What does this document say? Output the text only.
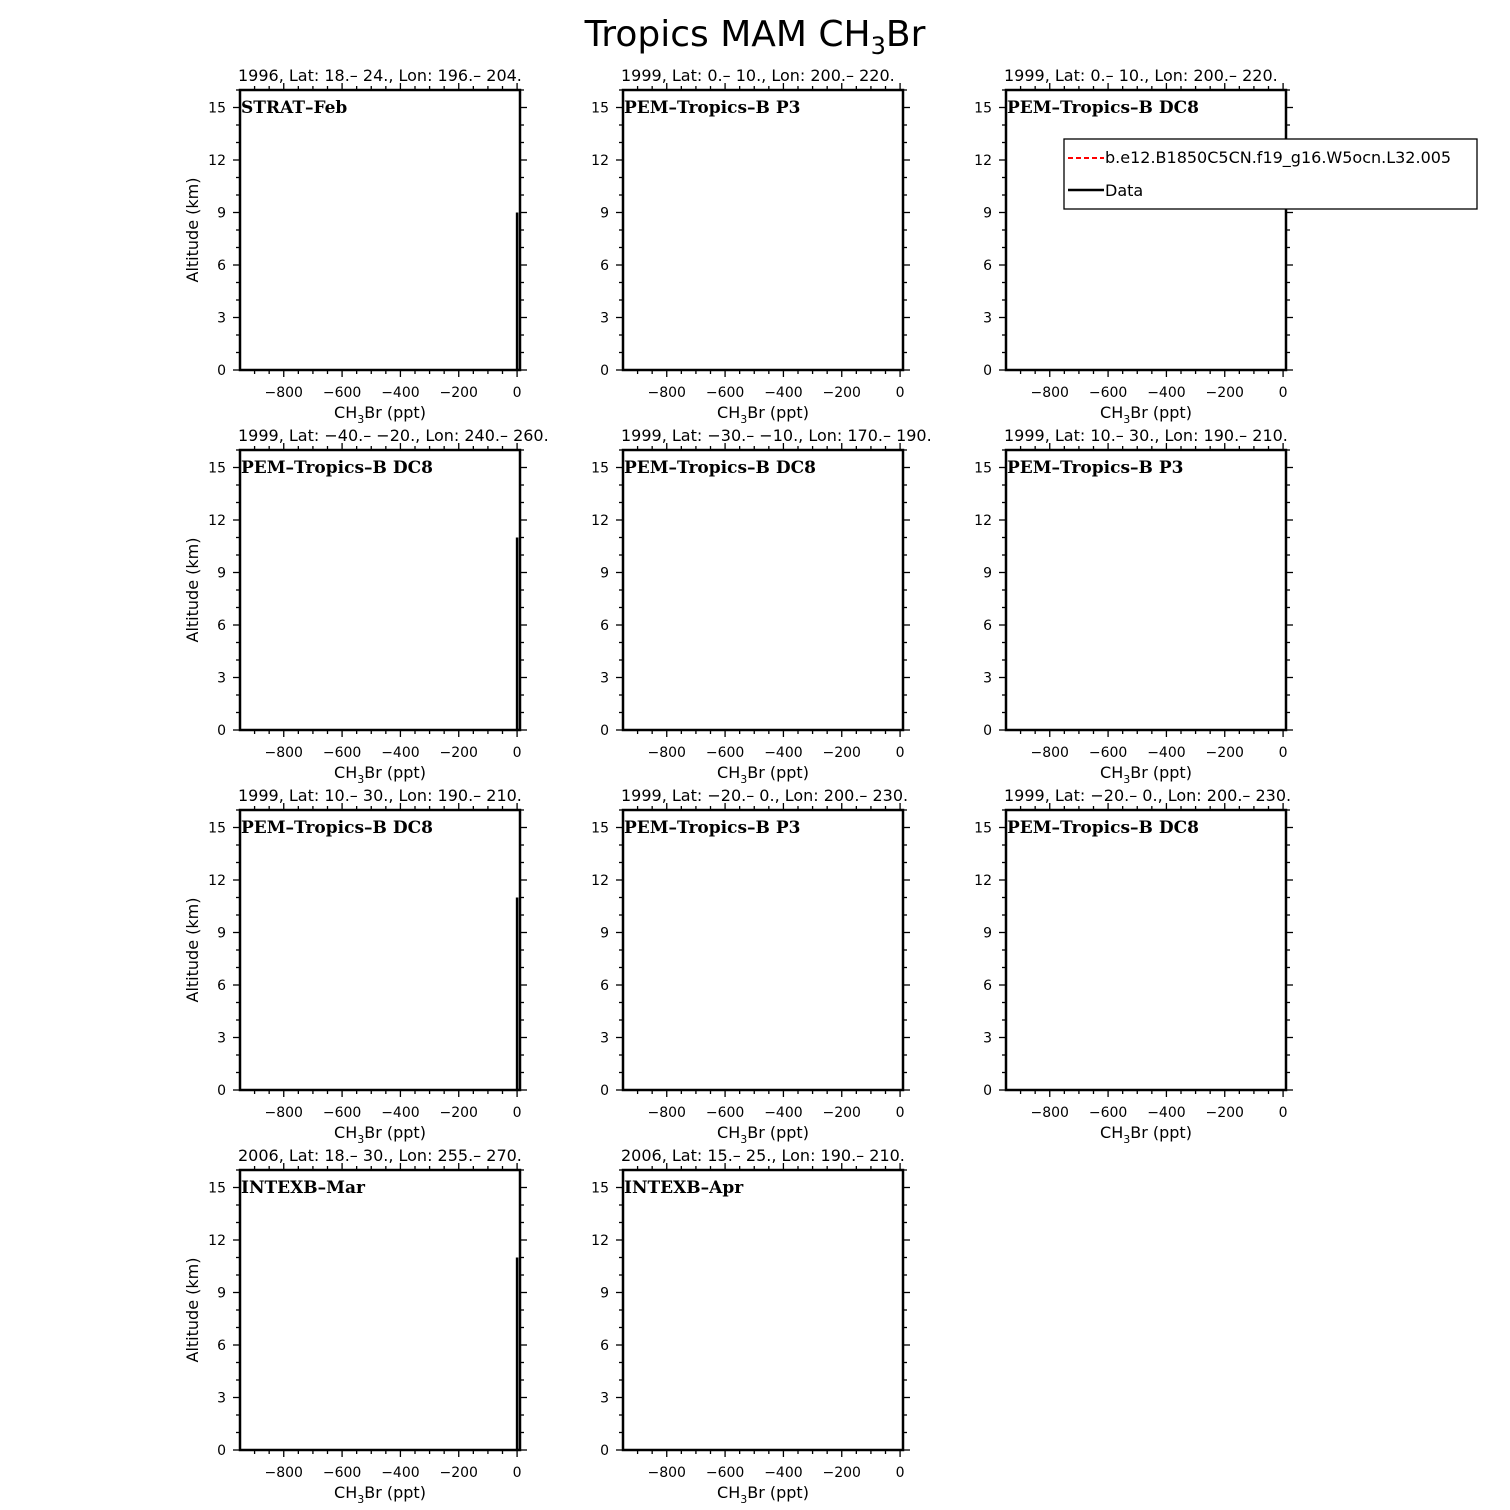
Tropics MAM $CH_3Br$
1996, Lat: 18.– 24., Lon: 196.– 204.
−800 −600 −400 −200 0
0
3
6
9
12
15
$CH_3Br$ (ppt)
Altitude (km)
STRAT–Feb
1999, Lat: 0.– 10., Lon: 200.– 220.
−800 −600 −400 −200 0
0
3
6
9
12
15
$CH_3Br$ (ppt)
PEM–Tropics–B P3
1999, Lat: 0.– 10., Lon: 200.– 220.
−800 −600 −400 −200 0
0
3
6
9
12
15
$CH_3Br$ (ppt)
PEM–Tropics–B DC8
b.e12.B1850C5CN.f19_g16.W5ocn.L32.005
Data
1999, Lat: −40.– −20., Lon: 240.– 260.
−800 −600 −400 −200 0
0
3
6
9
12
15
$CH_3Br$ (ppt)
Altitude (km)
PEM–Tropics–B DC8
1999, Lat: −30.– −10., Lon: 170.– 190.
−800 −600 −400 −200 0
0
3
6
9
12
15
$CH_3Br$ (ppt)
PEM–Tropics–B DC8
1999, Lat: 10.– 30., Lon: 190.– 210.
−800 −600 −400 −200 0
0
3
6
9
12
15
$CH_3Br$ (ppt)
PEM–Tropics–B P3
1999, Lat: 10.– 30., Lon: 190.– 210.
−800 −600 −400 −200 0
0
3
6
9
12
15
$CH_3Br$ (ppt)
Altitude (km)
PEM–Tropics–B DC8
1999, Lat: −20.– 0., Lon: 200.– 230.
−800 −600 −400 −200 0
0
3
6
9
12
15
$CH_3Br$ (ppt)
PEM–Tropics–B P3
1999, Lat: −20.– 0., Lon: 200.– 230.
−800 −600 −400 −200 0
0
3
6
9
12
15
$CH_3Br$ (ppt)
PEM–Tropics–B DC8
2006, Lat: 18.– 30., Lon: 255.– 270.
−800 −600 −400 −200 0
0
3
6
9
12
15
$CH_3Br$ (ppt)
Altitude (km)
INTEXB–Mar
2006, Lat: 15.– 25., Lon: 190.– 210.
−800 −600 −400 −200 0
0
3
6
9
12
15
$CH_3Br$ (ppt)
INTEXB–Apr
